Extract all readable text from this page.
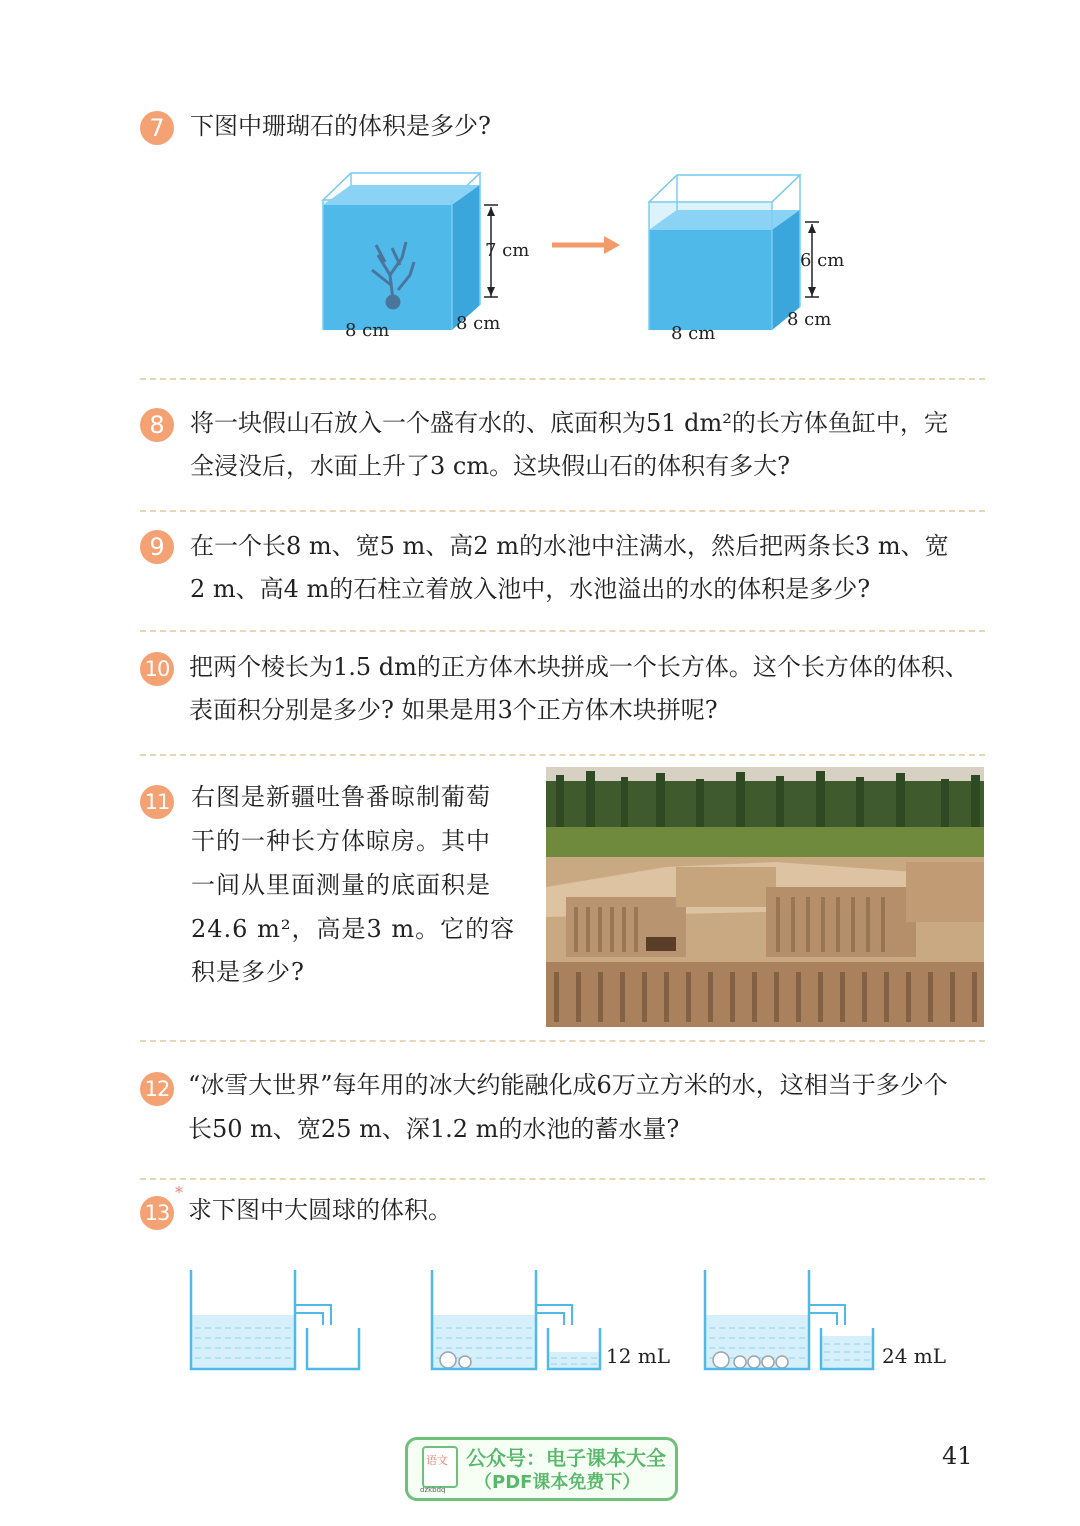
7	下图中珊瑚石的体积是多少?
7 cm
8 cm	8 cm
6 cm
8 cm
8 cm
8	将一块假山石放入一个盛有水的、底面积为51 dm²的长方体鱼缸中，完
全浸没后，水面上升了3 cm。这块假山石的体积有多大?
9	在一个长8 m、宽5 m、高2 m的水池中注满水，然后把两条长3 m、宽
2 m、高4 m的石柱立着放入池中，水池溢出的水的体积是多少?
10 把两个棱长为1.5 dm的正方体木块拼成一个长方体。这个长方体的体积、
表面积分别是多少? 如果是用3个正方体木块拼呢?
11 右图是新疆吐鲁番晾制葡萄
干的一种长方体晾房。其中
一间从里面测量的底面积是
24.6 m²，高是3 m。它的容
积是多少?
12 “冰雪大世界”每年用的冰大约能融化成6万立方米的水，这相当于多少个
长50 m、宽25 m、深1.2 m的水池的蓄水量?
*
13 求下图中大圆球的体积。
12 mL	24 mL
语文
dzkbdq
公众号：电子课本大全
（PDF课本免费下）
41
